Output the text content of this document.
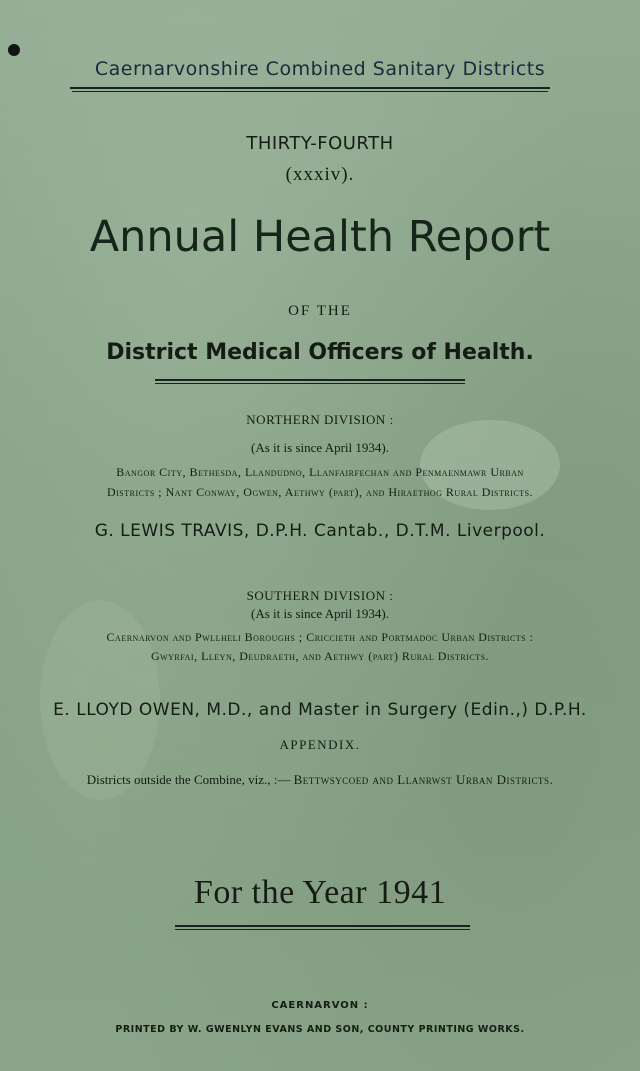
Caernarvonshire Combined Sanitary Districts

THIRTY-FOURTH

(xxxiv).

Annual Health Report

OF THE

District Medical Officers of Health.

NORTHERN DIVISION :

(As it is since April 1934).

Bangor City, Bethesda, Llandudno, Llanfairfechan and Penmaenmawr Urban

Districts ; Nant Conway, Ogwen, Aethwy (part), and Hiraethog Rural Districts.

G. LEWIS TRAVIS, D.P.H. Cantab., D.T.M. Liverpool.

SOUTHERN DIVISION :

(As it is since April 1934).

Caernarvon and Pwllheli Boroughs ; Criccieth and Portmadoc Urban Districts :

Gwyrfai, Lleyn, Deudraeth, and Aethwy (part) Rural Districts.

E. LLOYD OWEN, M.D., and Master in Surgery (Edin.,) D.P.H.

APPENDIX.

Districts outside the Combine, viz., :— Bettwsycoed and Llanrwst Urban Districts.

For the Year 1941

CAERNARVON :

PRINTED BY W. GWENLYN EVANS AND SON, COUNTY PRINTING WORKS.
